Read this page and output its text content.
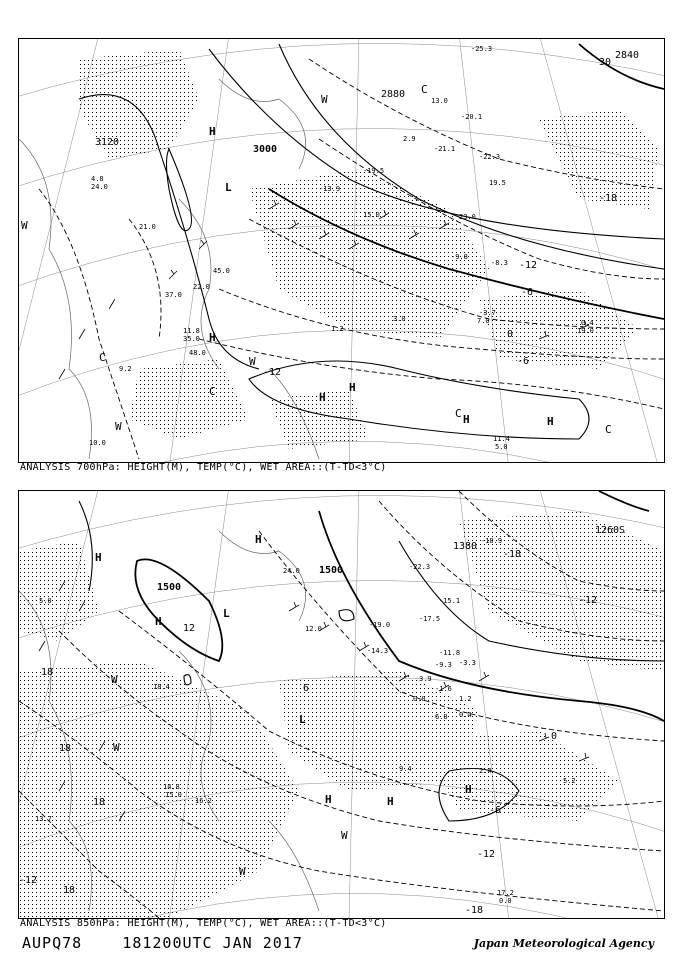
3120
3000
2880
2840
30
-18
-12
-6
0
-6
-12
H
H
H
H	H
H
L
W
W
W
C
C
C
C
C
W
-25.3
-20.1
-22.3
-21.1
13.0
-13.9
-19.5
19.5
-9.8
-8.3
-3.7
0.4
19.0
7.0
11.8
35.0
48.0
9.2
10.0	11.4
5.0
4.8
24.0
21.0
37.0
22.0
45.0
2.9
1.2
15.0	23.0
3.0
ANALYSIS 700hPa: HEIGHT(M), TEMP(°C), WET AREA::(T-TD<3°C)
1500
1500
1380
1260 S
-18
-12
-12
-6
0
6
12
18
18
18
18
-12
-18
H
H
H
H	H
H
L
L
W
W
W
W
-22.3
-18.9
-15.1
-17.5
-19.0
-14.3	-11.8
-9.3 -3.3
-1.6
0.4
1.2
2.4
5.2
9.4
6.0
17.2
0.0
14.8
15.0
16.2
18.4
5.0
13.7
24.0
12.0
3.9
0.0
ANALYSIS 850hPa: HEIGHT(M), TEMP(°C), WET AREA::(T-TD<3°C)
AUPQ78	181200UTC JAN 2017	Japan Meteorological Agency
